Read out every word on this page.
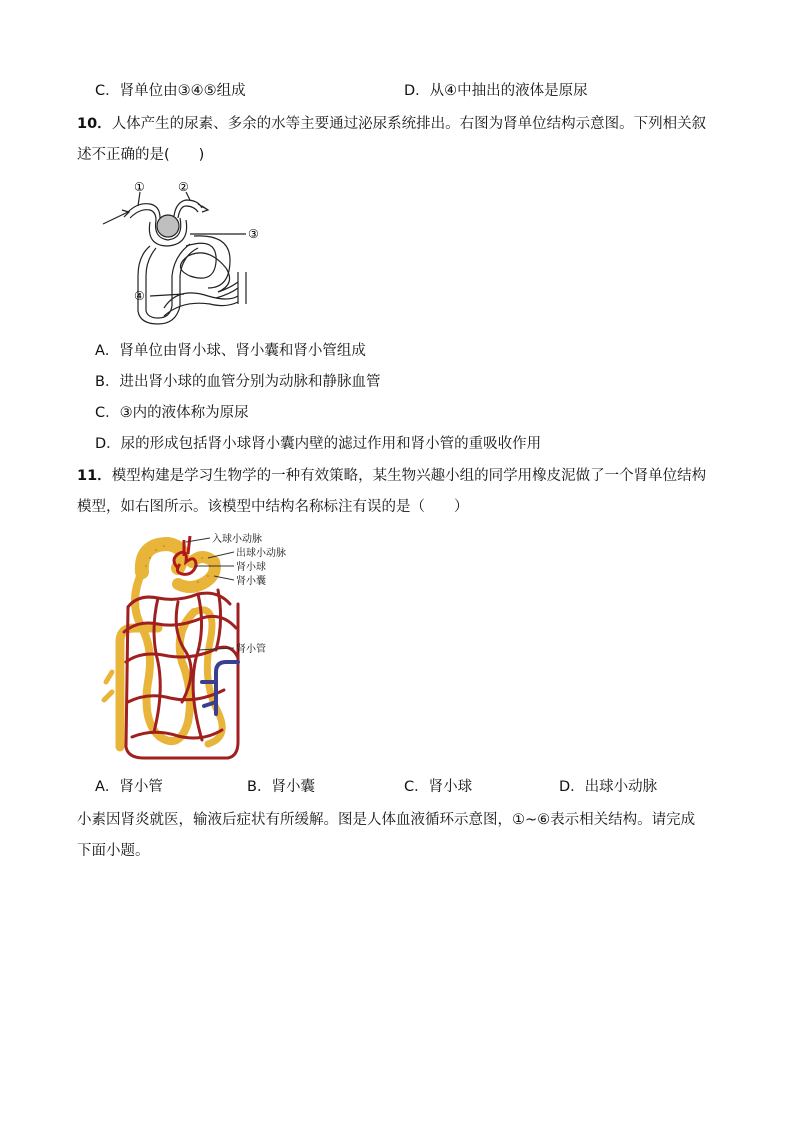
C．肾单位由③④⑤组成	D．从④中抽出的液体是原尿
10．人体产生的尿素、多余的水等主要通过泌尿系统排出。右图为肾单位结构示意图。下列相关叙
述不正确的是(　　)
①	②
③
④
A．肾单位由肾小球、肾小囊和肾小管组成
B．进出肾小球的血管分别为动脉和静脉血管
C．③内的液体称为原尿
D．尿的形成包括肾小球肾小囊内壁的滤过作用和肾小管的重吸收作用
11．模型构建是学习生物学的一种有效策略，某生物兴趣小组的同学用橡皮泥做了一个肾单位结构
模型，如右图所示。该模型中结构名称标注有误的是（　　）
入球小动脉
出球小动脉
肾小球
肾小囊
肾小管
A．肾小管	B．肾小囊	C．肾小球	D．出球小动脉
小素因肾炎就医，输液后症状有所缓解。图是人体血液循环示意图，①~⑥表示相关结构。请完成
下面小题。
